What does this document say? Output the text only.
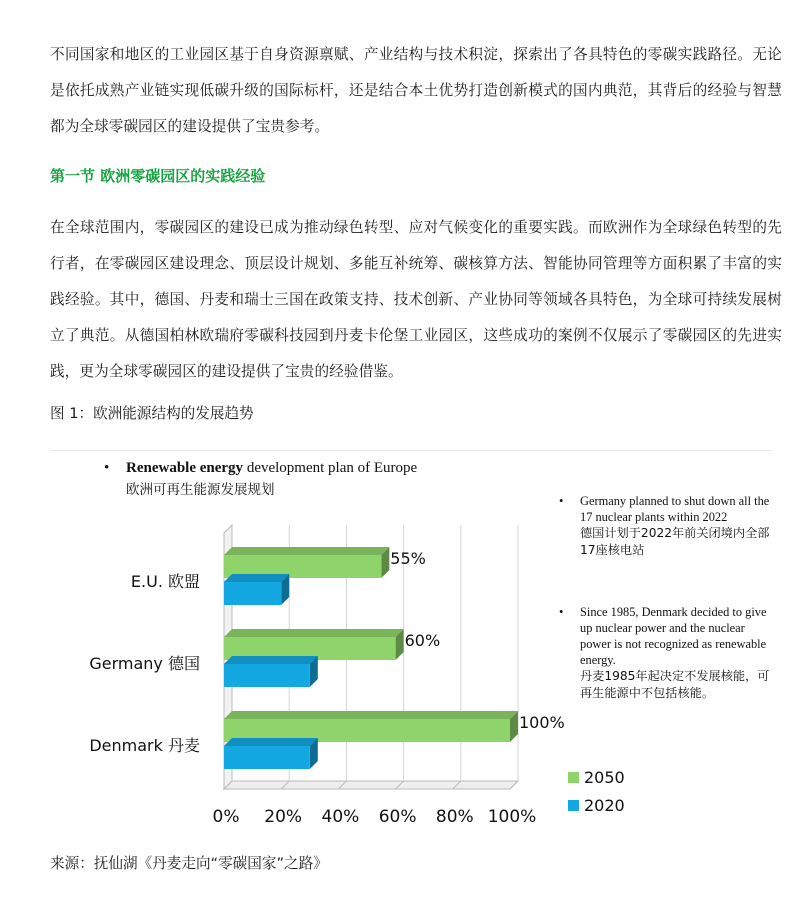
不同国家和地区的工业园区基于自身资源禀赋、产业结构与技术积淀，探索出了各具特色的零碳实践路径。无论是依托成熟产业链实现低碳升级的国际标杆，还是结合本土优势打造创新模式的国内典范，其背后的经验与智慧都为全球零碳园区的建设提供了宝贵参考。

第一节 欧洲零碳园区的实践经验

在全球范围内，零碳园区的建设已成为推动绿色转型、应对气候变化的重要实践。而欧洲作为全球绿色转型的先行者，在零碳园区建设理念、顶层设计规划、多能互补统筹、碳核算方法、智能协同管理等方面积累了丰富的实践经验。其中，德国、丹麦和瑞士三国在政策支持、技术创新、产业协同等领域各具特色，为全球可持续发展树立了典范。从德国柏林欧瑞府零碳科技园到丹麦卡伦堡工业园区，这些成功的案例不仅展示了零碳园区的先进实践，更为全球零碳园区的建设提供了宝贵的经验借鉴。

图 1：欧洲能源结构的发展趋势
• Renewable energy development plan of Europe
欧洲可再生能源发展规划
0% 20% 40% 60% 80% 100%
E.U. 欧盟
Germany 德国
Denmark 丹麦
55%
60%
100%
2050
2020
• Germany planned to shut down all the 17 nuclear plants within 2022
德国计划于2022年前关闭境内全部17座核电站
• Since 1985, Denmark decided to give up nuclear power and the nuclear power is not recognized as renewable energy.
丹麦1985年起决定不发展核能，可再生能源中不包括核能。
来源：抚仙湖《丹麦走向“零碳国家”之路》
